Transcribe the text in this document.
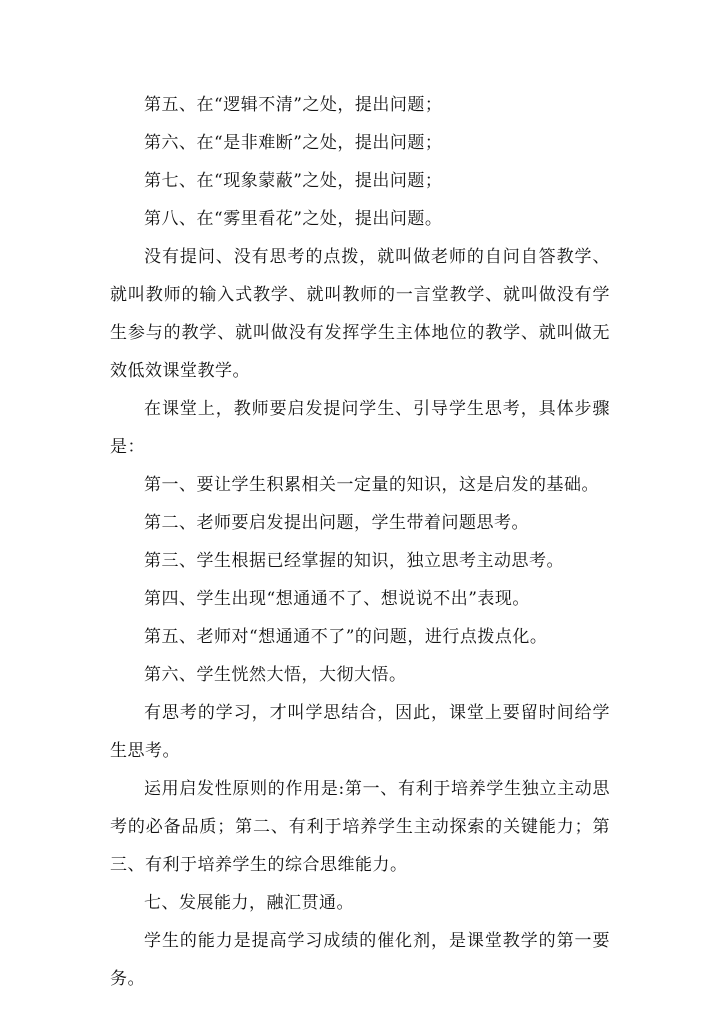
第五、在“逻辑不清”之处，提出问题；

第六、在“是非难断”之处，提出问题；

第七、在“现象蒙蔽”之处，提出问题；

第八、在“雾里看花”之处，提出问题。

没有提问、没有思考的点拨，就叫做老师的自问自答教学、就叫教师的输入式教学、就叫教师的一言堂教学、就叫做没有学生参与的教学、就叫做没有发挥学生主体地位的教学、就叫做无效低效课堂教学。

在课堂上，教师要启发提问学生、引导学生思考，具体步骤是：

第一、要让学生积累相关一定量的知识，这是启发的基础。

第二、老师要启发提出问题，学生带着问题思考。

第三、学生根据已经掌握的知识，独立思考主动思考。

第四、学生出现“想通通不了、想说说不出”表现。

第五、老师对“想通通不了”的问题，进行点拨点化。

第六、学生恍然大悟，大彻大悟。

有思考的学习，才叫学思结合，因此，课堂上要留时间给学生思考。

运用启发性原则的作用是:第一、有利于培养学生独立主动思考的必备品质；第二、有利于培养学生主动探索的关键能力；第三、有利于培养学生的综合思维能力。

七、发展能力，融汇贯通。

学生的能力是提高学习成绩的催化剂，是课堂教学的第一要务。
